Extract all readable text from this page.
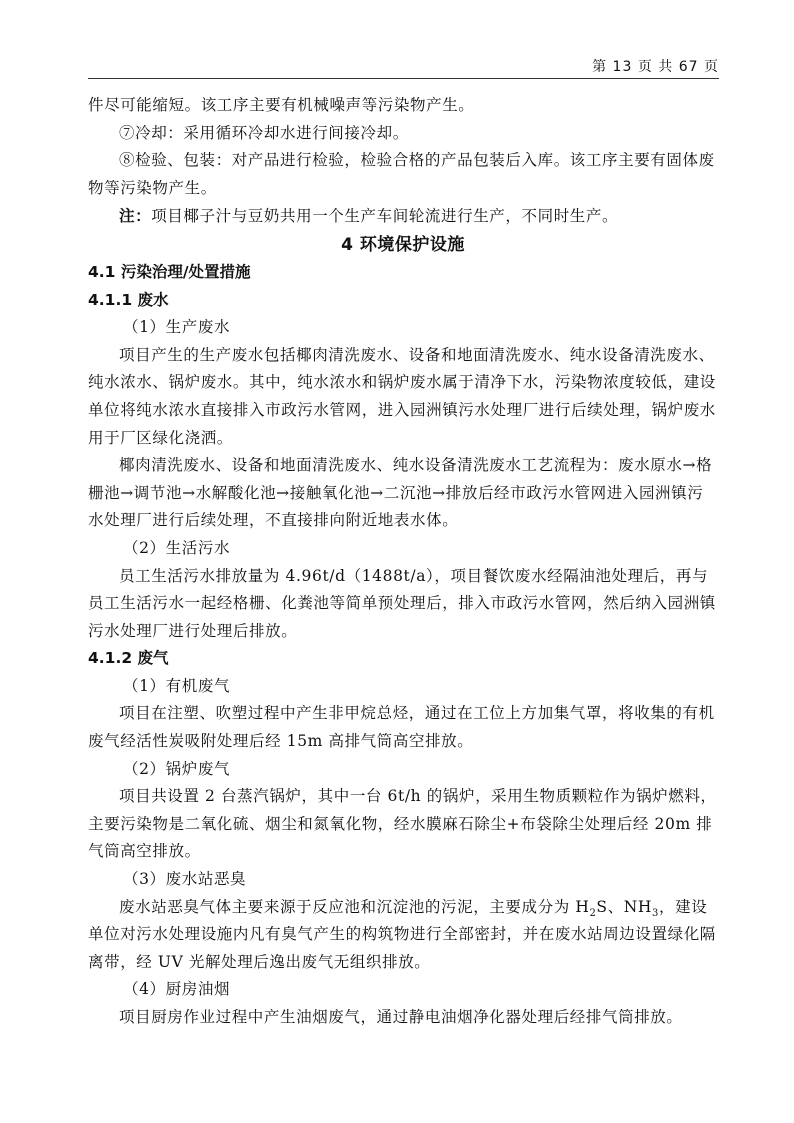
第 13 页 共 67 页

件尽可能缩短。该工序主要有机械噪声等污染物产生。

⑦冷却：采用循环冷却水进行间接冷却。

⑧检验、包装：对产品进行检验，检验合格的产品包装后入库。该工序主要有固体废物等污染物产生。

注：项目椰子汁与豆奶共用一个生产车间轮流进行生产，不同时生产。

4 环境保护设施
4.1 污染治理/处置措施
4.1.1 废水

（1）生产废水

项目产生的生产废水包括椰肉清洗废水、设备和地面清洗废水、纯水设备清洗废水、纯水浓水、锅炉废水。其中，纯水浓水和锅炉废水属于清净下水，污染物浓度较低，建设单位将纯水浓水直接排入市政污水管网，进入园洲镇污水处理厂进行后续处理，锅炉废水用于厂区绿化浇洒。

椰肉清洗废水、设备和地面清洗废水、纯水设备清洗废水工艺流程为：废水原水→格栅池→调节池→水解酸化池→接触氧化池→二沉池→排放后经市政污水管网进入园洲镇污水处理厂进行后续处理，不直接排向附近地表水体。

（2）生活污水

员工生活污水排放量为 4.96t/d（1488t/a），项目餐饮废水经隔油池处理后，再与员工生活污水一起经格栅、化粪池等简单预处理后，排入市政污水管网，然后纳入园洲镇污水处理厂进行处理后排放。

4.1.2 废气

（1）有机废气

项目在注塑、吹塑过程中产生非甲烷总烃，通过在工位上方加集气罩，将收集的有机废气经活性炭吸附处理后经 15m 高排气筒高空排放。

（2）锅炉废气

项目共设置 2 台蒸汽锅炉，其中一台 6t/h 的锅炉，采用生物质颗粒作为锅炉燃料，主要污染物是二氧化硫、烟尘和氮氧化物，经水膜麻石除尘+布袋除尘处理后经 20m 排气筒高空排放。

（3）废水站恶臭

废水站恶臭气体主要来源于反应池和沉淀池的污泥，主要成分为 $H_2S$、$NH_3$，建设单位对污水处理设施内凡有臭气产生的构筑物进行全部密封，并在废水站周边设置绿化隔离带，经 UV 光解处理后逸出废气无组织排放。

（4）厨房油烟

项目厨房作业过程中产生油烟废气，通过静电油烟净化器处理后经排气筒排放。
